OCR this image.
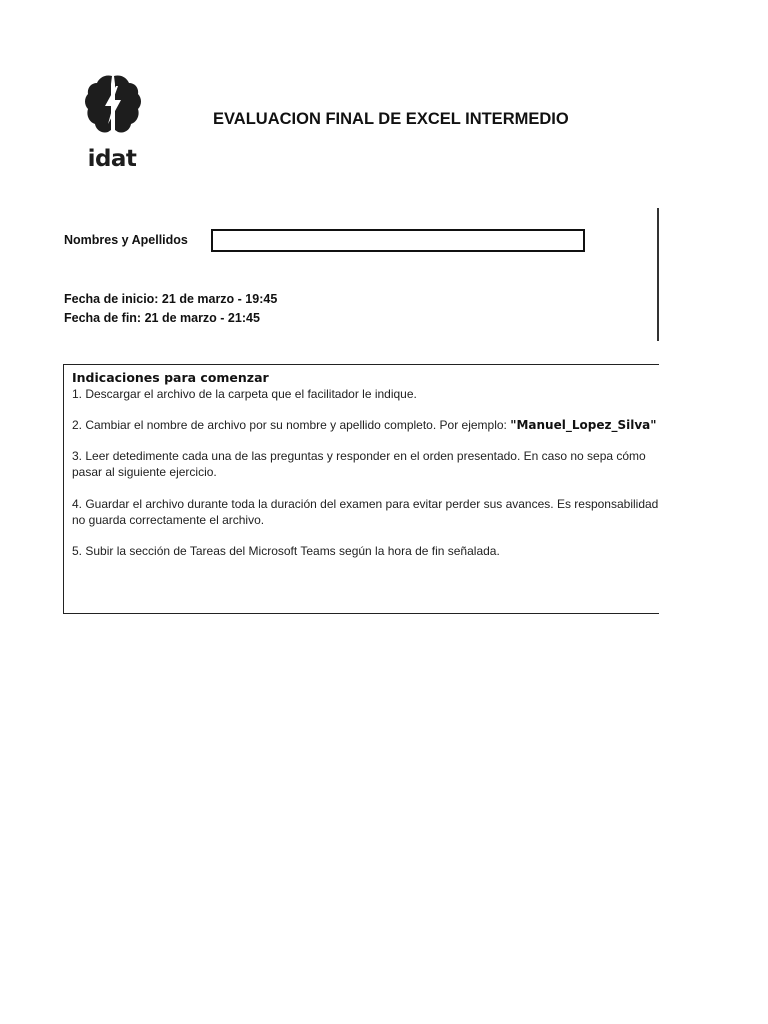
idat
EVALUACION FINAL DE EXCEL INTERMEDIO
Nombres y Apellidos
Fecha de inicio: 21 de marzo - 19:45
Fecha de fin: 21 de marzo - 21:45
Indicaciones para comenzar
1. Descargar el archivo de la carpeta que el facilitador le indique.
2. Cambiar el nombre de archivo por su nombre y apellido completo. Por ejemplo: "Manuel_Lopez_Silva"
3. Leer detedimente cada una de las preguntas y responder en el orden presentado. En caso no sepa cómo
pasar al siguiente ejercicio.
4. Guardar el archivo durante toda la duración del examen para evitar perder sus avances. Es responsabilidad
no guarda correctamente el archivo.
5. Subir la sección de Tareas del Microsoft Teams según la hora de fin señalada.
